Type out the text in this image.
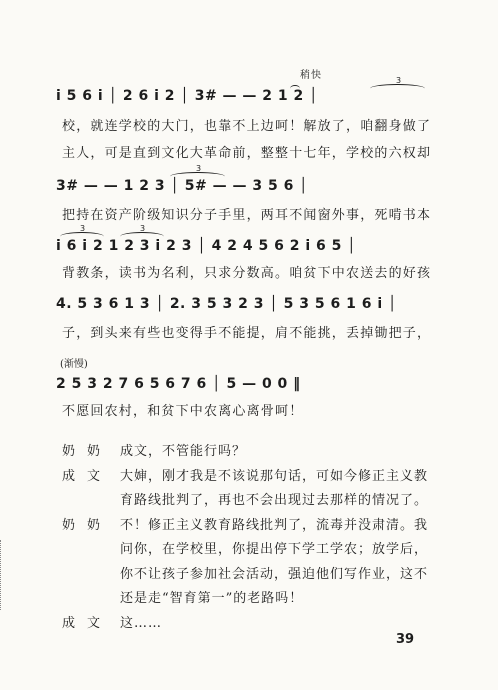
稍快
i 5 6 i │ 2 6 i 2 │ 3# — — 2 1 2 │
3
校，就连学校的大门，也靠不上边呵！解放了，咱翻身做了
主人，可是直到文化大革命前，整整十七年，学校的六权却
3# — — 1 2 3 │ 5# — — 3 5 6 │
3
把持在资产阶级知识分子手里，两耳不闻窗外事，死啃书本
i 6 i 2 1 2 3 i 2 3 │ 4 2 4 5 6 2 i 6 5 │
3	3
背教条，读书为名利，只求分数高。咱贫下中农送去的好孩
4. 5 3 6 1 3 │ 2. 3 5 3 2 3 │ 5 3 5 6 1 6 i │
子，到头来有些也变得手不能提，肩不能挑，丢掉锄把子，
(渐慢)
2 5 3 2 7 6 5 6 7 6 │ 5 — 0 0 ‖
不愿回农村，和贫下中农离心离骨呵！
奶奶 成文，不管能行吗？
成文 大婶，刚才我是不该说那句话，可如今修正主义教
育路线批判了，再也不会出现过去那样的情况了。
奶奶 不！修正主义教育路线批判了，流毒并没肃清。我
问你，在学校里，你提出停下学工学农；放学后，
你不让孩子参加社会活动，强迫他们写作业，这不
还是走“智育第一”的老路吗！
成文 这……
39
